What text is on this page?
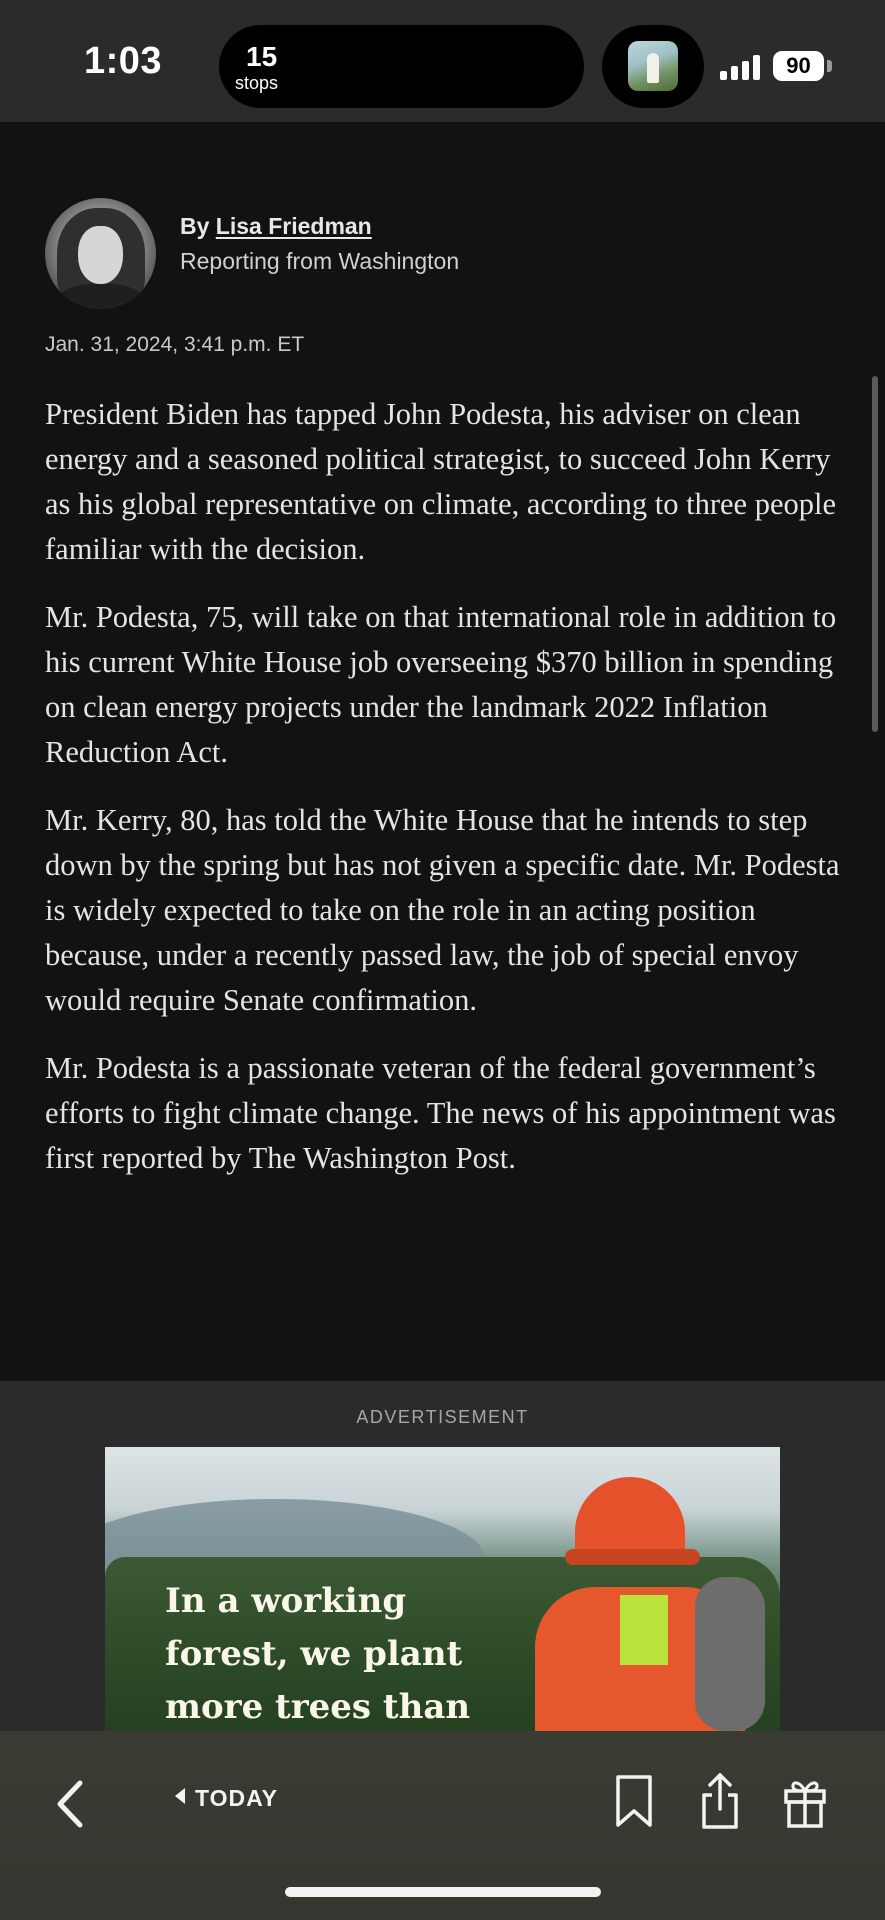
1:03	15
stops
90
By Lisa Friedman
Reporting from Washington
Jan. 31, 2024, 3:41 p.m. ET

President Biden has tapped John Podesta, his adviser on clean energy and a seasoned political strategist, to succeed John Kerry as his global representative on climate, according to three people familiar with the decision.

Mr. Podesta, 75, will take on that international role in addition to his current White House job overseeing $370 billion in spending on clean energy projects under the landmark 2022 Inflation Reduction Act.

Mr. Kerry, 80, has told the White House that he intends to step down by the spring but has not given a specific date. Mr. Podesta is widely expected to take on the role in an acting position because, under a recently passed law, the job of special envoy would require Senate confirmation.

Mr. Podesta is a passionate veteran of the federal government’s efforts to fight climate change. The news of his appointment was first reported by The Washington Post.

ADVERTISEMENT
In a working
forest, we plant
more trees than
TODAY
